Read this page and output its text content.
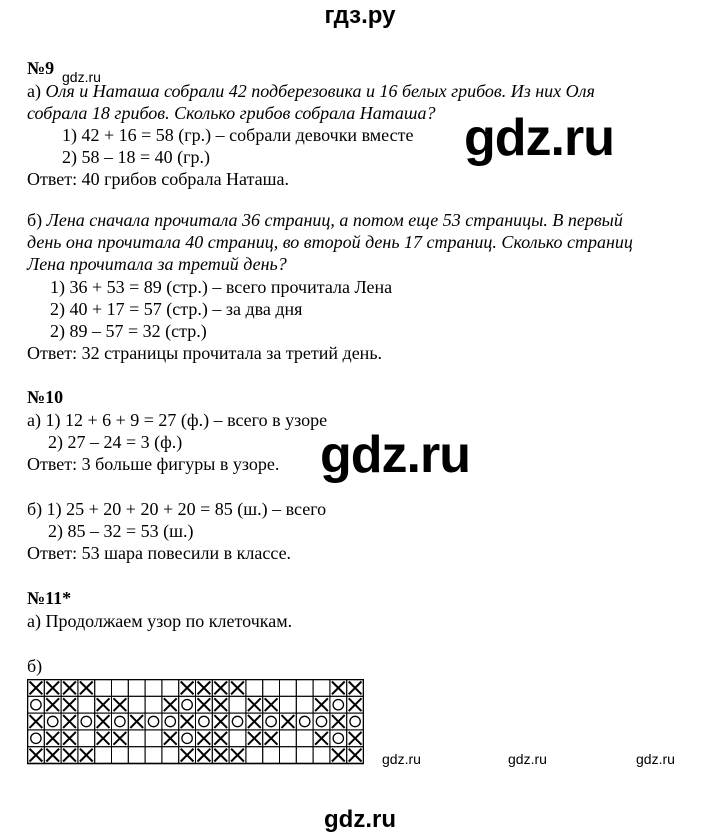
гдз.ру
№9 gdz.ru
а) Оля и Наташа собрали 42 подберезовика и 16 белых грибов. Из них Оля
собрала 18 грибов. Сколько грибов собрала Наташа?
1) 42 + 16 = 58 (гр.) – собрали девочки вместе
2) 58 – 18 = 40 (гр.)
Ответ: 40 грибов собрала Наташа.
gdz.ru
б) Лена сначала прочитала 36 страниц, а потом еще 53 страницы. В первый
день она прочитала 40 страниц, во второй день 17 страниц. Сколько страниц
Лена прочитала за третий день?
1) 36 + 53 = 89 (стр.) – всего прочитала Лена
2) 40 + 17 = 57 (стр.) – за два дня
2) 89 – 57 = 32 (стр.)
Ответ: 32 страницы прочитала за третий день.
№10
а) 1) 12 + 6 + 9 = 27 (ф.) – всего в узоре
2) 27 – 24 = 3 (ф.)
Ответ: 3 больше фигуры в узоре. gdz.ru
б) 1) 25 + 20 + 20 + 20 = 85 (ш.) – всего
2) 85 – 32 = 53 (ш.)
Ответ: 53 шара повесили в классе.
№11*
а) Продолжаем узор по клеточкам.
б)
gdz.ru	gdz.ru	gdz.ru
gdz.ru
